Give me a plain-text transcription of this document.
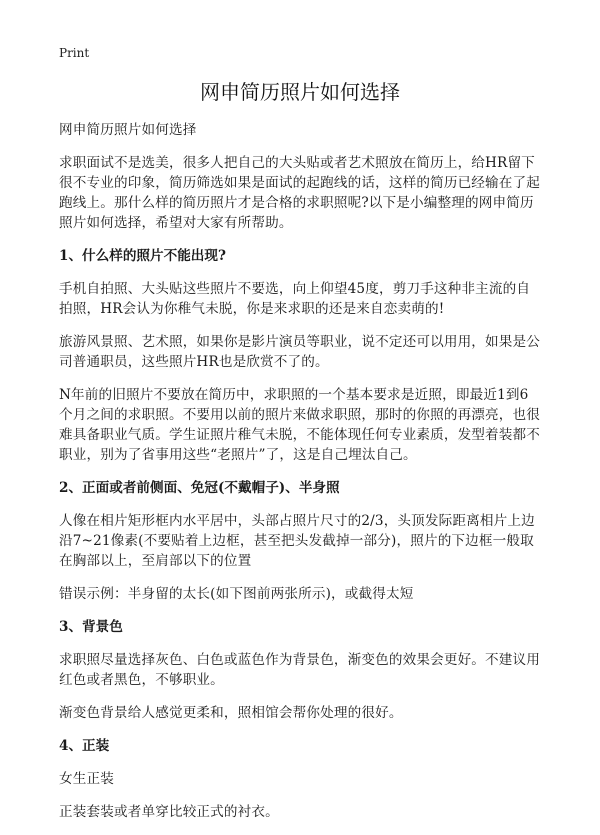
Print
网申简历照片如何选择
网申简历照片如何选择
求职面试不是选美，很多人把自己的大头贴或者艺术照放在简历上，给HR留下很不专业的印象，简历筛选如果是面试的起跑线的话，这样的简历已经输在了起跑线上。那什么样的简历照片才是合格的求职照呢?以下是小编整理的网申简历照片如何选择，希望对大家有所帮助。
1、什么样的照片不能出现?
手机自拍照、大头贴这些照片不要选，向上仰望45度，剪刀手这种非主流的自拍照，HR会认为你稚气未脱，你是来求职的还是来自恋卖萌的!
旅游风景照、艺术照，如果你是影片演员等职业，说不定还可以用用，如果是公司普通职员，这些照片HR也是欣赏不了的。
N年前的旧照片不要放在简历中，求职照的一个基本要求是近照，即最近1到6个月之间的求职照。不要用以前的照片来做求职照，那时的你照的再漂亮，也很难具备职业气质。学生证照片稚气未脱，不能体现任何专业素质，发型着装都不职业，别为了省事用这些“老照片”了，这是自己埋汰自己。
2、正面或者前侧面、免冠(不戴帽子)、半身照
人像在相片矩形框内水平居中，头部占照片尺寸的2/3，头顶发际距离相片上边沿7~21像素(不要贴着上边框，甚至把头发截掉一部分)，照片的下边框一般取在胸部以上，至肩部以下的位置
错误示例：半身留的太长(如下图前两张所示)，或截得太短
3、背景色
求职照尽量选择灰色、白色或蓝色作为背景色，渐变色的效果会更好。不建议用红色或者黑色，不够职业。
渐变色背景给人感觉更柔和，照相馆会帮你处理的很好。
4、正装
女生正装
正装套装或者单穿比较正式的衬衣。
